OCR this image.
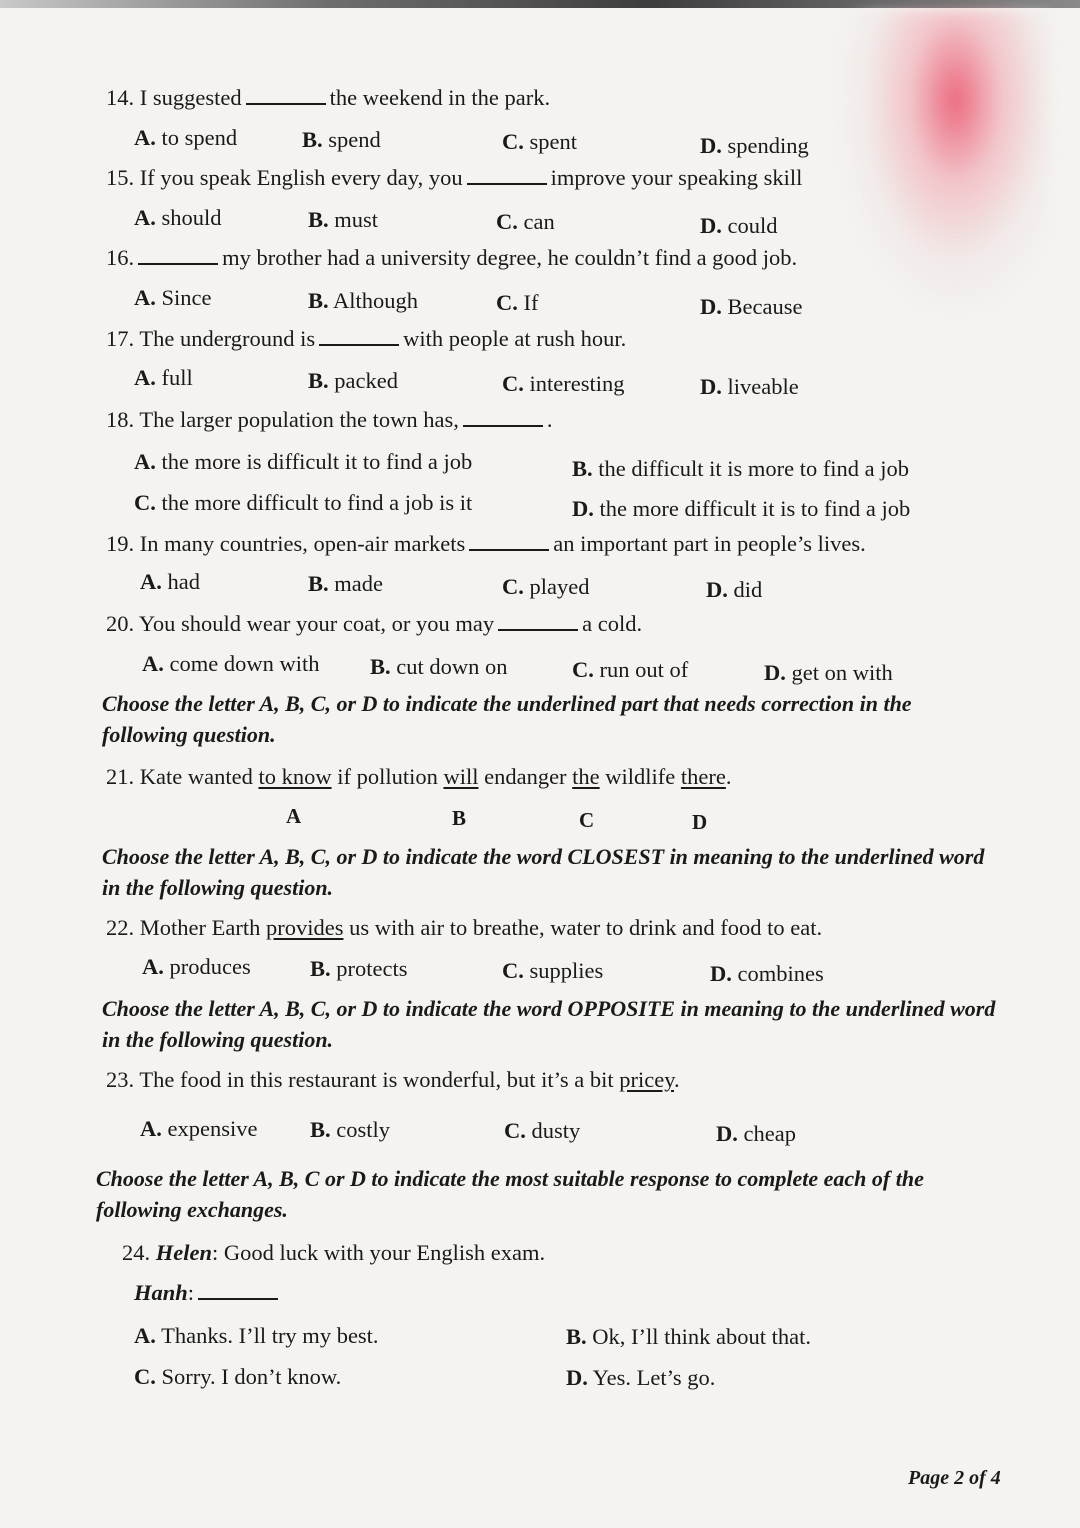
14. I suggested	the weekend in the park.
A. to spend	B. spend	C. spent	D. spending
15. If you speak English every day, you	improve your speaking skill
A. should	B. must	C. can	D. could
16.	my brother had a university degree, he couldn’t find a good job.
A. Since	B. Although	C. If	D. Because
17. The underground is	with people at rush hour.
A. full	B. packed	C. interesting	D. liveable
18. The larger population the town has,	.
A. the more is difficult it to find a job	B. the difficult it is more to find a job
C. the more difficult to find a job is it	D. the more difficult it is to find a job
19. In many countries, open-air markets	an important part in people’s lives.
A. had	B. made	C. played	D. did
20. You should wear your coat, or you may	a cold.
A. come down with B. cut down on	C. run out of	D. get on with
Choose the letter A, B, C, or D to indicate the underlined part that needs correction in the following question.
21. Kate wanted to know if pollution will endanger the wildlife there.
A	B	C	D
Choose the letter A, B, C, or D to indicate the word CLOSEST in meaning to the underlined word in the following question.
22. Mother Earth provides us with air to breathe, water to drink and food to eat.
A. produces	B. protects	C. supplies	D. combines
Choose the letter A, B, C, or D to indicate the word OPPOSITE in meaning to the underlined word in the following question.
23. The food in this restaurant is wonderful, but it’s a bit pricey.
A. expensive B. costly	C. dusty	D. cheap
Choose the letter A, B, C or D to indicate the most suitable response to complete each of the following exchanges.
24. Helen: Good luck with your English exam.
Hanh:
A. Thanks. I’ll try my best.	B. Ok, I’ll think about that.
C. Sorry. I don’t know.	D. Yes. Let’s go.
Page 2 of 4
